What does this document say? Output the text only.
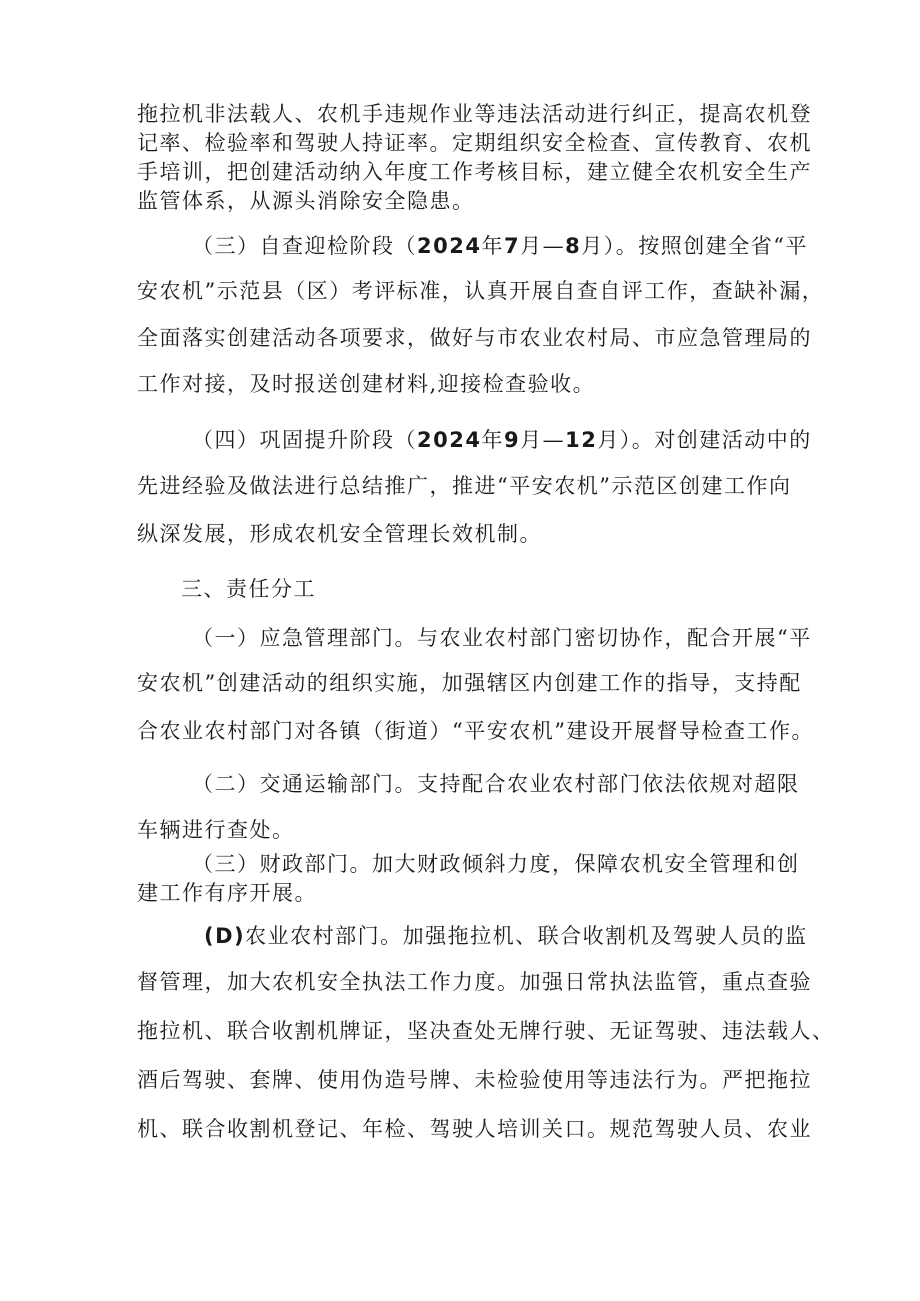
拖拉机非法载人、农机手违规作业等违法活动进行纠正，提高农机登
记率、检验率和驾驶人持证率。定期组织安全检查、宣传教育、农机
手培训，把创建活动纳入年度工作考核目标，建立健全农机安全生产
监管体系，从源头消除安全隐患。
（三）自查迎检阶段（2024年7月—8月）。按照创建全省“平
安农机”示范县（区）考评标准，认真开展自查自评工作，查缺补漏，
全面落实创建活动各项要求，做好与市农业农村局、市应急管理局的
工作对接，及时报送创建材料,迎接检查验收。
（四）巩固提升阶段（2024年9月—12月）。对创建活动中的
先进经验及做法进行总结推广，推进“平安农机”示范区创建工作向
纵深发展，形成农机安全管理长效机制。
三、责任分工
（一）应急管理部门。与农业农村部门密切协作，配合开展“平
安农机”创建活动的组织实施，加强辖区内创建工作的指导，支持配
合农业农村部门对各镇（街道）“平安农机”建设开展督导检查工作。
（二）交通运输部门。支持配合农业农村部门依法依规对超限
车辆进行查处。
（三）财政部门。加大财政倾斜力度，保障农机安全管理和创
建工作有序开展。
(D)农业农村部门。加强拖拉机、联合收割机及驾驶人员的监
督管理，加大农机安全执法工作力度。加强日常执法监管，重点查验
拖拉机、联合收割机牌证，坚决查处无牌行驶、无证驾驶、违法载人、
酒后驾驶、套牌、使用伪造号牌、未检验使用等违法行为。严把拖拉
机、联合收割机登记、年检、驾驶人培训关口。规范驾驶人员、农业
